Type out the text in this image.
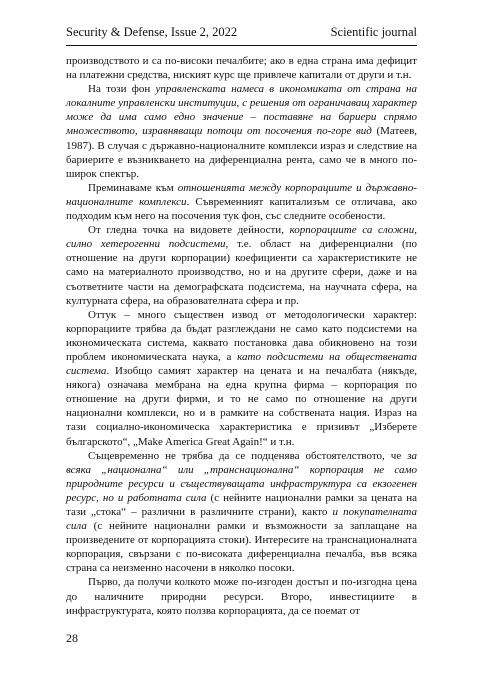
Security & Defense, Issue 2, 2022	Scientific journal

производството и са по-високи печалбите; ако в една страна има дефицит на платежни средства, ниският курс ще привлече капитали от други и т.н.

На този фон управленската намеса в икономиката от страна на локалните управленски институции, с решения от ограничаващ характер може да има само едно значение – поставяне на бариери спрямо множеството, изравняващи потоци от посочения по-горе вид (Матеев, 1987). В случая с държавно-националните комплекси израз и следствие на бариерите е възникването на диференциална рента, само че в много по-широк спектър.

Преминаваме към отношенията между корпорациите и държавно-националните комплекси. Съвременният капитализъм се отличава, ако подходим към него на посочения тук фон, със следните особености.

От гледна точка на видовете дейности, корпорациите са сложни, силно хетерогенни подсистеми, т.е. област на диференциални (по отношение на други корпорации) коефициенти са характеристиките не само на материалното производство, но и на другите сфери, даже и на съответните части на демографската подсистема, на научната сфера, на културната сфера, на образователната сфера и пр.

Оттук – много съществен извод от методологически характер: корпорациите трябва да бъдат разглеждани не само като подсистеми на икономическата система, каквато постановка дава обикновено на този проблем икономическата наука, а като подсистеми на обществената система. Изобщо самият характер на цената и на печалбата (някъде, някога) означава мембрана на една крупна фирма – корпорация по отношение на други фирми, и то не само по отношение на други национални комплекси, но и в рамките на собствената нация. Израз на тази социално-икономическа характеристика е призивът „Изберете българското“, „Make America Great Again!“ и т.н.

Същевременно не трябва да се подценява обстоятелството, че за всяка „национална“ или „транснационална“ корпорация не само природните ресурси и съществуващата инфраструктура са екзогенен ресурс, но и работната сила (с нейните национални рамки за цената на тази „стока“ – различни в различните страни), както и покупателната сила (с нейните национални рамки и възможности за заплащане на произведените от корпорацията стоки). Интересите на транснационалната корпорация, свързани с по-високата диференциална печалба, във всяка страна са неизменно насочени в няколко посоки.

Първо, да получи колкото може по-изгоден достъп и по-изгодна цена до наличните природни ресурси. Второ, инвестициите в инфраструктурата, която ползва корпорацията, да се поемат от

28
